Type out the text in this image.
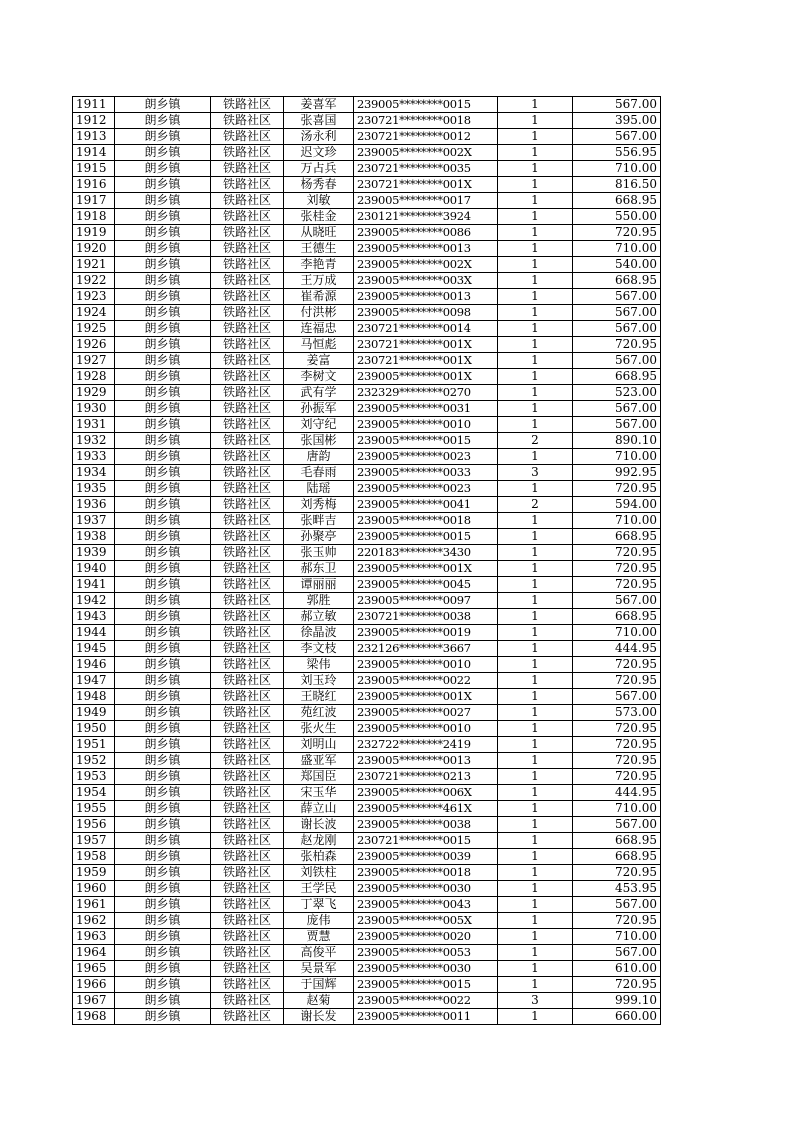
1911	朗乡镇	铁路社区	姜喜军	239005********0015	1	567.00
1912	朗乡镇	铁路社区	张喜国	230721********0018	1	395.00
1913	朗乡镇	铁路社区	汤永利	230721********0012	1	567.00
1914	朗乡镇	铁路社区	迟文珍	239005********002X	1	556.95
1915	朗乡镇	铁路社区	万占兵	230721********0035	1	710.00
1916	朗乡镇	铁路社区	杨秀春	230721********001X	1	816.50
1917	朗乡镇	铁路社区	刘敏	239005********0017	1	668.95
1918	朗乡镇	铁路社区	张桂金	230121********3924	1	550.00
1919	朗乡镇	铁路社区	从晓旺	239005********0086	1	720.95
1920	朗乡镇	铁路社区	王德生	239005********0013	1	710.00
1921	朗乡镇	铁路社区	李艳青	239005********002X	1	540.00
1922	朗乡镇	铁路社区	王万成	239005********003X	1	668.95
1923	朗乡镇	铁路社区	崔希源	239005********0013	1	567.00
1924	朗乡镇	铁路社区	付洪彬	239005********0098	1	567.00
1925	朗乡镇	铁路社区	连福忠	230721********0014	1	567.00
1926	朗乡镇	铁路社区	马恒彪	230721********001X	1	720.95
1927	朗乡镇	铁路社区	姜富	230721********001X	1	567.00
1928	朗乡镇	铁路社区	李树文	239005********001X	1	668.95
1929	朗乡镇	铁路社区	武有学	232329********0270	1	523.00
1930	朗乡镇	铁路社区	孙振军	239005********0031	1	567.00
1931	朗乡镇	铁路社区	刘守纪	239005********0010	1	567.00
1932	朗乡镇	铁路社区	张国彬	239005********0015	2	890.10
1933	朗乡镇	铁路社区	唐韵	239005********0023	1	710.00
1934	朗乡镇	铁路社区	毛春雨	239005********0033	3	992.95
1935	朗乡镇	铁路社区	陆瑶	239005********0023	1	720.95
1936	朗乡镇	铁路社区	刘秀梅	239005********0041	2	594.00
1937	朗乡镇	铁路社区	张畔吉	239005********0018	1	710.00
1938	朗乡镇	铁路社区	孙聚亭	239005********0015	1	668.95
1939	朗乡镇	铁路社区	张玉帅	220183********3430	1	720.95
1940	朗乡镇	铁路社区	郝东卫	239005********001X	1	720.95
1941	朗乡镇	铁路社区	谭丽丽	239005********0045	1	720.95
1942	朗乡镇	铁路社区	郭胜	239005********0097	1	567.00
1943	朗乡镇	铁路社区	郝立敏	230721********0038	1	668.95
1944	朗乡镇	铁路社区	徐晶波	239005********0019	1	710.00
1945	朗乡镇	铁路社区	李文枝	232126********3667	1	444.95
1946	朗乡镇	铁路社区	梁伟	239005********0010	1	720.95
1947	朗乡镇	铁路社区	刘玉玲	239005********0022	1	720.95
1948	朗乡镇	铁路社区	王晓红	239005********001X	1	567.00
1949	朗乡镇	铁路社区	苑红波	239005********0027	1	573.00
1950	朗乡镇	铁路社区	张火生	239005********0010	1	720.95
1951	朗乡镇	铁路社区	刘明山	232722********2419	1	720.95
1952	朗乡镇	铁路社区	盛亚军	239005********0013	1	720.95
1953	朗乡镇	铁路社区	郑国臣	230721********0213	1	720.95
1954	朗乡镇	铁路社区	宋玉华	239005********006X	1	444.95
1955	朗乡镇	铁路社区	薛立山	239005********461X	1	710.00
1956	朗乡镇	铁路社区	谢长波	239005********0038	1	567.00
1957	朗乡镇	铁路社区	赵龙刚	230721********0015	1	668.95
1958	朗乡镇	铁路社区	张柏森	239005********0039	1	668.95
1959	朗乡镇	铁路社区	刘铁柱	239005********0018	1	720.95
1960	朗乡镇	铁路社区	王学民	239005********0030	1	453.95
1961	朗乡镇	铁路社区	丁翠飞	239005********0043	1	567.00
1962	朗乡镇	铁路社区	庞伟	239005********005X	1	720.95
1963	朗乡镇	铁路社区	贾慧	239005********0020	1	710.00
1964	朗乡镇	铁路社区	高俊平	239005********0053	1	567.00
1965	朗乡镇	铁路社区	吴景军	239005********0030	1	610.00
1966	朗乡镇	铁路社区	于国辉	239005********0015	1	720.95
1967	朗乡镇	铁路社区	赵菊	239005********0022	3	999.10
1968	朗乡镇	铁路社区	谢长发	239005********0011	1	660.00
